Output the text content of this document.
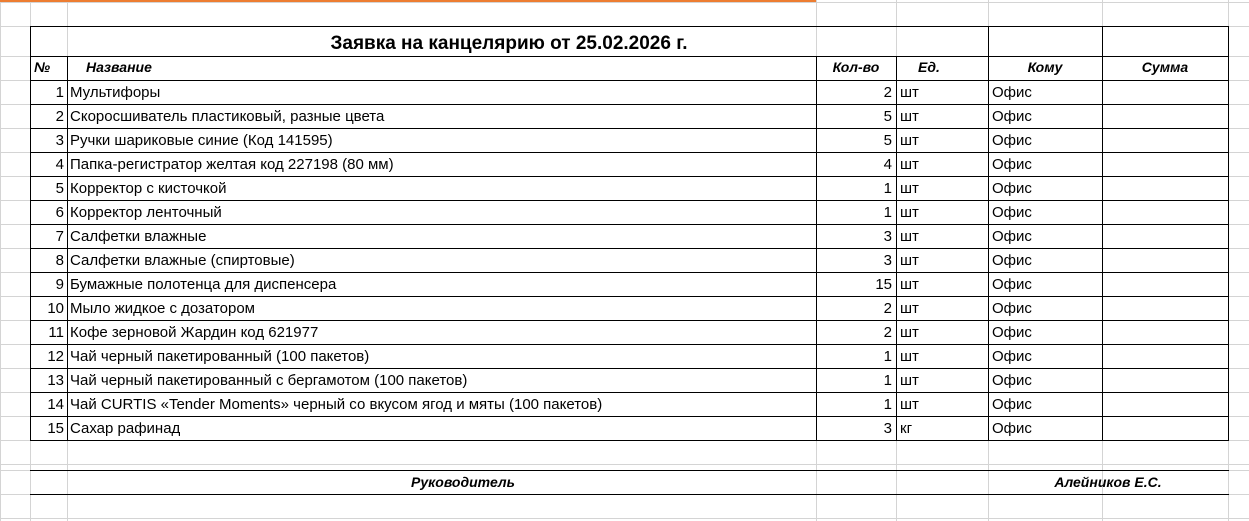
Заявка на канцелярию от 25.02.2026 г.
№	Название	Кол-во	Ед.	Кому	Сумма
1 Мультифоры	2 шт	Офис
2 Скоросшиватель пластиковый, разные цвета	5 шт	Офис
3 Ручки шариковые синие (Код 141595)	5 шт	Офис
4 Папка-регистратор желтая код 227198 (80 мм)	4 шт	Офис
5 Корректор с кисточкой	1 шт	Офис
6 Корректор ленточный	1 шт	Офис
7 Салфетки влажные	3 шт	Офис
8 Салфетки влажные (спиртовые)	3 шт	Офис
9 Бумажные полотенца для диспенсера	15 шт	Офис
10 Мыло жидкое с дозатором	2 шт	Офис
11 Кофе зерновой Жардин код 621977	2 шт	Офис
12 Чай черный пакетированный (100 пакетов)	1 шт	Офис
13 Чай черный пакетированный с бергамотом (100 пакетов)	1 шт	Офис
14 Чай CURTIS «Tender Moments» черный со вкусом ягод и мяты (100 пакетов)	1 шт	Офис
15 Сахар рафинад	3 кг	Офис
Руководитель	Алейников Е.С.
